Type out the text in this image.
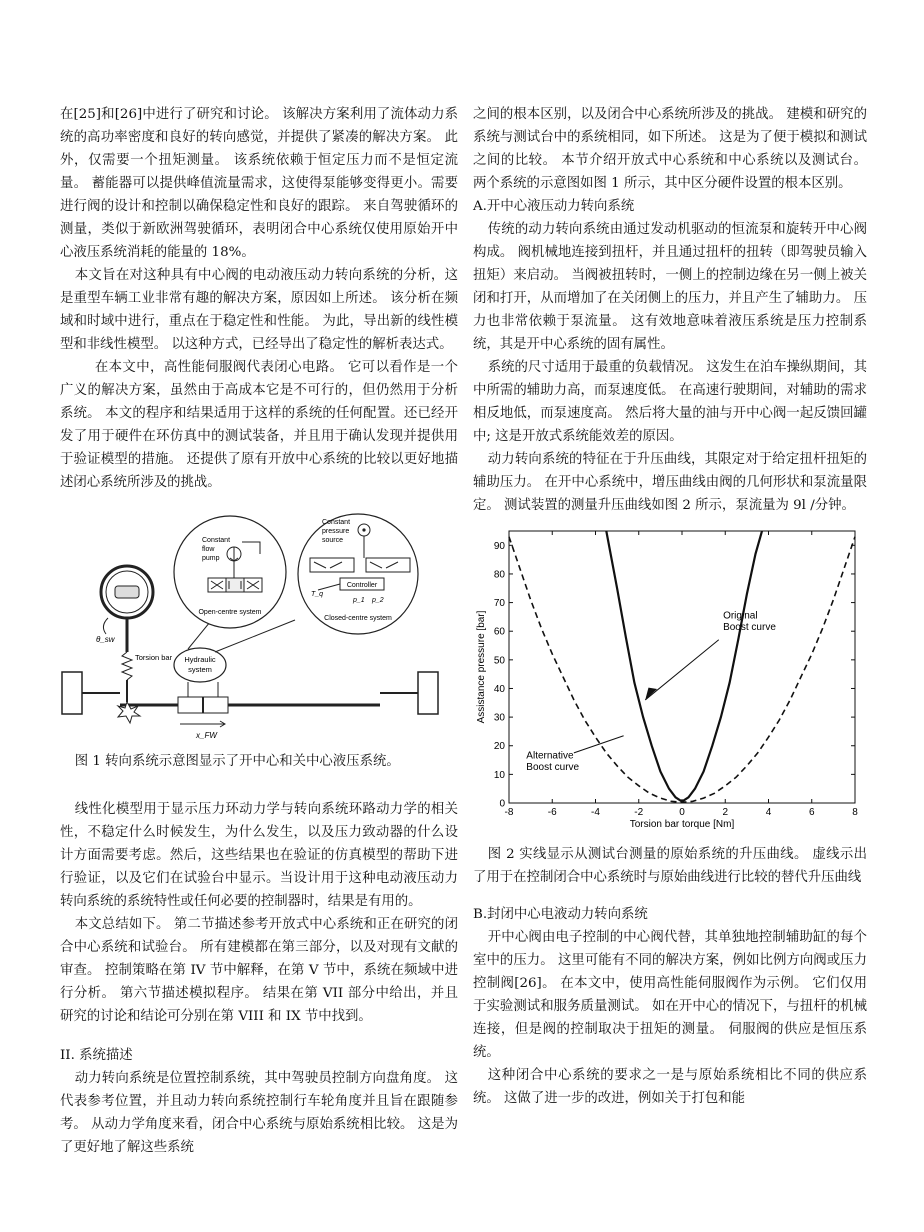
在[25]和[26]中进行了研究和讨论。 该解决方案利用了流体动力系统的高功率密度和良好的转向感觉，并提供了紧凑的解决方案。 此外，仅需要一个扭矩测量。 该系统依赖于恒定压力而不是恒定流量。 蓄能器可以提供峰值流量需求，这使得泵能够变得更小。需要进行阀的设计和控制以确保稳定性和良好的跟踪。 来自驾驶循环的测量，类似于新欧洲驾驶循环，表明闭合中心系统仅使用原始开中心液压系统消耗的能量的 18%。

本文旨在对这种具有中心阀的电动液压动力转向系统的分析，这是重型车辆工业非常有趣的解决方案，原因如上所述。 该分析在频域和时域中进行，重点在于稳定性和性能。 为此，导出新的线性模型和非线性模型。 以这种方式，已经导出了稳定性的解析表达式。

在本文中，高性能伺服阀代表闭心电路。 它可以看作是一个广义的解决方案，虽然由于高成本它是不可行的，但仍然用于分析系统。 本文的程序和结果适用于这样的系统的任何配置。还已经开发了用于硬件在环仿真中的测试装备，并且用于确认发现并提供用于验证模型的措施。 还提供了原有开放中心系统的比较以更好地描述闭心系统所涉及的挑战。

θ_sw
Torsion bar Hydraulic
system
Constant
flow
pump
Open-centre system
Constant
pressure
source
Controller
T_q
p_1 p_2
Closed-centre system
x_FW

图 1 转向系统示意图显示了开中心和关中心液压系统。

线性化模型用于显示压力环动力学与转向系统环路动力学的相关性，不稳定什么时候发生，为什么发生，以及压力致动器的什么设计方面需要考虑。然后，这些结果也在验证的仿真模型的帮助下进行验证，以及它们在试验台中显示。当设计用于这种电动液压动力转向系统的系统特性或任何必要的控制器时，结果是有用的。

本文总结如下。 第二节描述参考开放式中心系统和正在研究的闭合中心系统和试验台。 所有建模都在第三部分，以及对现有文献的审查。 控制策略在第 IV 节中解释，在第 V 节中，系统在频域中进行分析。 第六节描述模拟程序。 结果在第 VII 部分中给出，并且研究的讨论和结论可分别在第 VIII 和 IX 节中找到。

II. 系统描述

动力转向系统是位置控制系统，其中驾驶员控制方向盘角度。 这代表参考位置，并且动力转向系统控制行车轮角度并且旨在跟随参考。 从动力学角度来看，闭合中心系统与原始系统相比较。 这是为了更好地了解这些系统

之间的根本区别，以及闭合中心系统所涉及的挑战。 建模和研究的系统与测试台中的系统相同，如下所述。 这是为了便于模拟和测试之间的比较。 本节介绍开放式中心系统和中心系统以及测试台。 两个系统的示意图如图 1 所示，其中区分硬件设置的根本区别。

A.开中心液压动力转向系统

传统的动力转向系统由通过发动机驱动的恒流泵和旋转开中心阀构成。 阀机械地连接到扭杆，并且通过扭杆的扭转（即驾驶员输入扭矩）来启动。 当阀被扭转时，一侧上的控制边缘在另一侧上被关闭和打开，从而增加了在关闭侧上的压力，并且产生了辅助力。 压力也非常依赖于泵流量。 这有效地意味着液压系统是压力控制系统，其是开中心系统的固有属性。

系统的尺寸适用于最重的负载情况。 这发生在泊车操纵期间，其中所需的辅助力高，而泵速度低。 在高速行驶期间，对辅助的需求相反地低，而泵速度高。 然后将大量的油与开中心阀一起反馈回罐中; 这是开放式系统能效差的原因。

动力转向系统的特征在于升压曲线，其限定对于给定扭杆扭矩的辅助压力。 在开中心系统中，增压曲线由阀的几何形状和泵流量限定。 测试装置的测量升压曲线如图 2 所示，泵流量为 9l /分钟。

-8	-6	-4	-2	0	2	4	6	8
0
10
20
30
40
50
60
70
80
90
Torsion bar torque [Nm]
Assistance pressure [bar]	Original
Boost curve
Alternative
Boost curve

图 2 实线显示从测试台测量的原始系统的升压曲线。 虚线示出了用于在控制闭合中心系统时与原始曲线进行比较的替代升压曲线

B.封闭中心电液动力转向系统

开中心阀由电子控制的中心阀代替，其单独地控制辅助缸的每个室中的压力。 这里可能有不同的解决方案，例如比例方向阀或压力控制阀[26]。 在本文中，使用高性能伺服阀作为示例。 它们仅用于实验测试和服务质量测试。 如在开中心的情况下，与扭杆的机械连接，但是阀的控制取决于扭矩的测量。 伺服阀的供应是恒压系统。

这种闭合中心系统的要求之一是与原始系统相比不同的供应系统。 这做了进一步的改进，例如关于打包和能
